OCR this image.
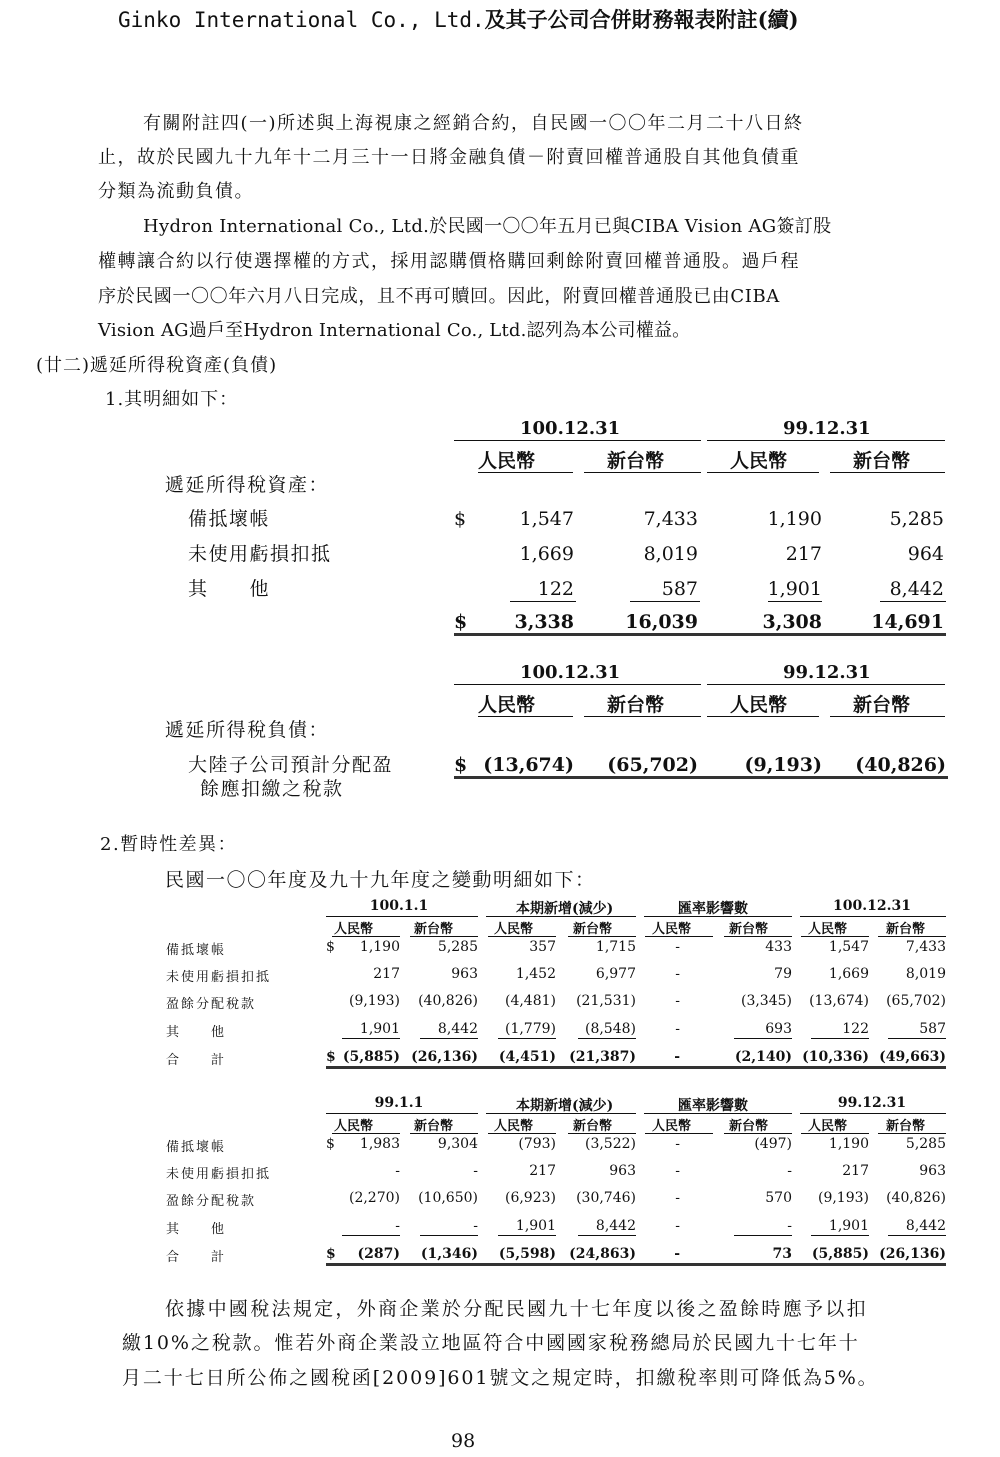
Ginko International Co., Ltd.及其子公司合併財務報表附註(續)
有關附註四(一)所述與上海視康之經銷合約，自民國一〇〇年二月二十八日終
止，故於民國九十九年十二月三十一日將金融負債－附賣回權普通股自其他負債重
分類為流動負債。
Hydron International Co., Ltd.於民國一〇〇年五月已與CIBA Vision AG簽訂股
權轉讓合約以行使選擇權的方式，採用認購價格購回剩餘附賣回權普通股。過戶程
序於民國一〇〇年六月八日完成，且不再可贖回。因此，附賣回權普通股已由CIBA
Vision AG過戶至Hydron International Co., Ltd.認列為本公司權益。
(廿二)遞延所得稅資產(負債)
1.其明細如下：
100.12.31	99.12.31
人民幣	新台幣	人民幣	新台幣
遞延所得稅資產：
備抵壞帳	$	1,547	7,433	1,190	5,285
未使用虧損扣抵	1,669	8,019	217	964
其　　他	122	587	1,901	8,442
$ 3,338	16,039	3,308	14,691
100.12.31	99.12.31
人民幣	新台幣	人民幣	新台幣
遞延所得稅負債：
大陸子公司預計分配盈
餘應扣繳之稅款
$ (13,674) (65,702) (9,193) (40,826)
2.暫時性差異：
民國一〇〇年度及九十九年度之變動明細如下：
100.1.1	本期新增(減少)	匯率影響數	100.12.31
人民幣	新台幣	人民幣	新台幣	人民幣	新台幣	人民幣	新台幣
備抵壞帳	$ 1,190	5,285	357	1,715	-	433	1,547	7,433
未使用虧損扣抵	217	963	1,452	6,977	-	79	1,669	8,019
盈餘分配稅款	(9,193) (40,826) (4,481) (21,531)	-	(3,345) (13,674) (65,702)
其　　他	1,901	8,442 (1,779) (8,548)	-	693	122	587
合　　計	$ (5,885) (26,136) (4,451) (21,387)	-	(2,140) (10,336) (49,663)
99.1.1	本期新增(減少)	匯率影響數	99.12.31
人民幣	新台幣	人民幣	新台幣	人民幣	新台幣	人民幣	新台幣
備抵壞帳	$ 1,983	9,304	(793) (3,522)	-	(497)	1,190	5,285
未使用虧損扣抵	-	-	217	963	-	-	217	963
盈餘分配稅款	(2,270) (10,650) (6,923) (30,746)	-	570 (9,193) (40,826)
其　　他	-	-	1,901	8,442	-	-	1,901	8,442
合　　計	$ (287) (1,346) (5,598) (24,863)	-	73 (5,885) (26,136)
依據中國稅法規定，外商企業於分配民國九十七年度以後之盈餘時應予以扣
繳10%之稅款。惟若外商企業設立地區符合中國國家稅務總局於民國九十七年十
月二十七日所公佈之國稅函[2009]601號文之規定時，扣繳稅率則可降低為5%。
98
